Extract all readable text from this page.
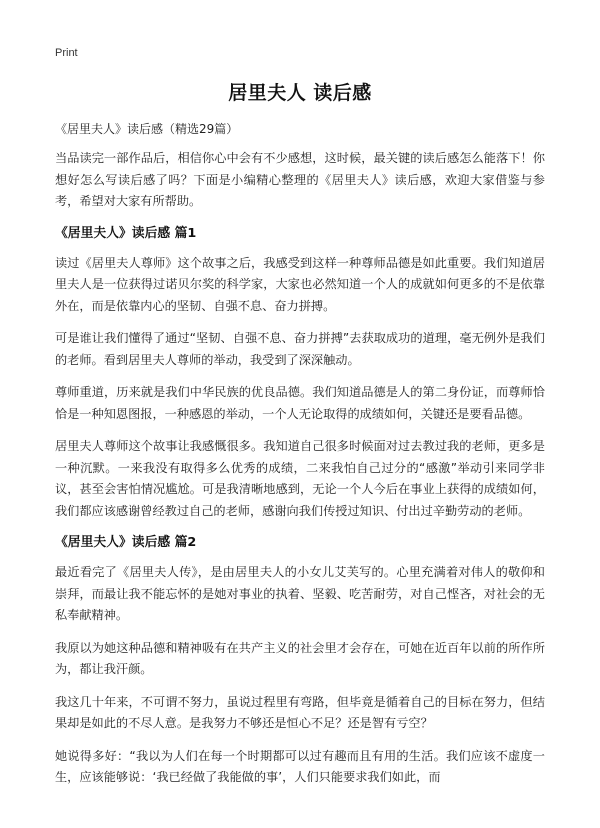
Print
居里夫人 读后感
《居里夫人》读后感（精选29篇）

当品读完一部作品后，相信你心中会有不少感想，这时候，最关键的读后感怎么能落下！你想好怎么写读后感了吗？下面是小编精心整理的《居里夫人》读后感，欢迎大家借鉴与参考，希望对大家有所帮助。

《居里夫人》读后感 篇1

读过《居里夫人尊师》这个故事之后，我感受到这样一种尊师品德是如此重要。我们知道居里夫人是一位获得过诺贝尔奖的科学家，大家也必然知道一个人的成就如何更多的不是依靠外在，而是依靠内心的坚韧、自强不息、奋力拼搏。

可是谁让我们懂得了通过“坚韧、自强不息、奋力拼搏”去获取成功的道理，毫无例外是我们的老师。看到居里夫人尊师的举动，我受到了深深触动。

尊师重道，历来就是我们中华民族的优良品德。我们知道品德是人的第二身份证，而尊师恰恰是一种知恩图报，一种感恩的举动，一个人无论取得的成绩如何，关键还是要看品德。

居里夫人尊师这个故事让我感慨很多。我知道自己很多时候面对过去教过我的老师，更多是一种沉默。一来我没有取得多么优秀的成绩，二来我怕自己过分的“感激”举动引来同学非议，甚至会害怕情况尴尬。可是我清晰地感到，无论一个人今后在事业上获得的成绩如何，我们都应该感谢曾经教过自己的老师，感谢向我们传授过知识、付出过辛勤劳动的老师。

《居里夫人》读后感 篇2

最近看完了《居里夫人传》，是由居里夫人的小女儿艾芙写的。心里充满着对伟人的敬仰和崇拜，而最让我不能忘怀的是她对事业的执着、坚毅、吃苦耐劳，对自己悭吝，对社会的无私奉献精神。

我原以为她这种品德和精神吸有在共产主义的社会里才会存在，可她在近百年以前的所作所为，都让我汗颜。

我这几十年来，不可谓不努力，虽说过程里有弯路，但毕竟是循着自己的目标在努力，但结果却是如此的不尽人意。是我努力不够还是恒心不足？还是智有亏空？

她说得多好：“我以为人们在每一个时期都可以过有趣而且有用的生活。我们应该不虚度一生，应该能够说：‘我已经做了我能做的事’，人们只能要求我们如此，而
